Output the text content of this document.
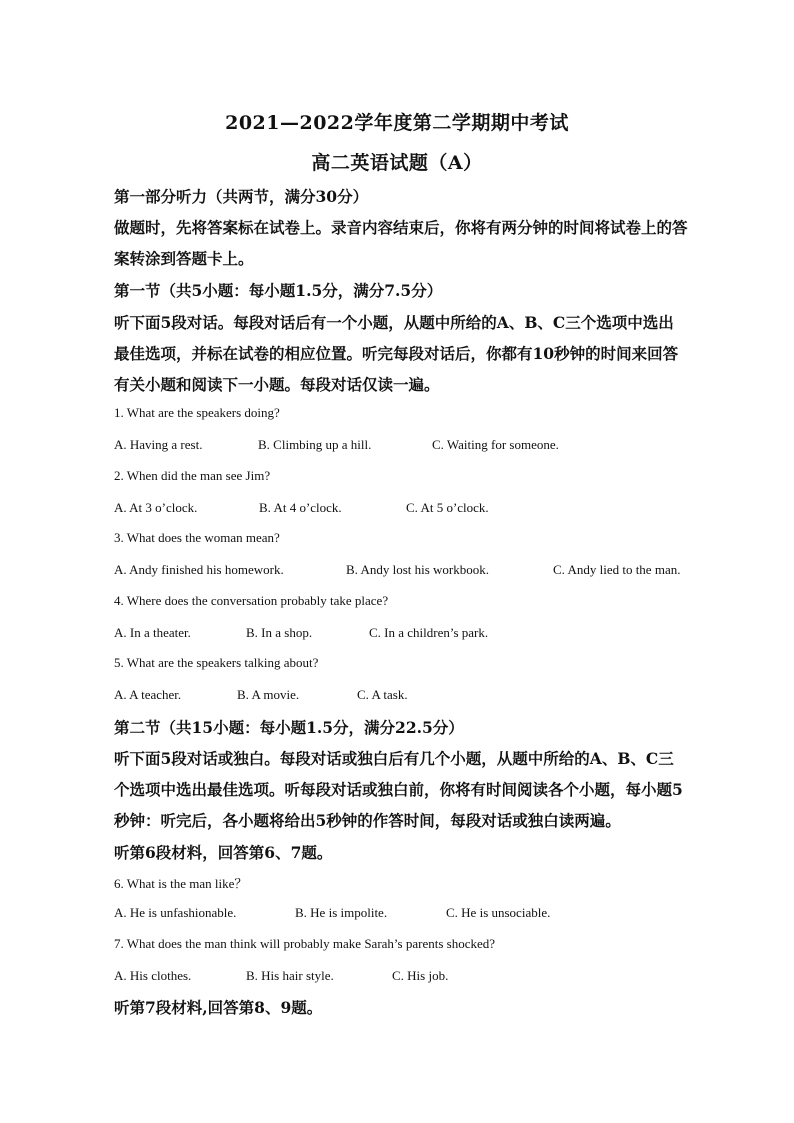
2021—2022学年度第二学期期中考试
高二英语试题（A）
第一部分听力（共两节，满分30分）
做题时，先将答案标在试卷上。录音内容结束后，你将有两分钟的时间将试卷上的答
案转涂到答题卡上。
第一节（共5小题：每小题1.5分，满分7.5分）
听下面5段对话。每段对话后有一个小题，从题中所给的A、B、C三个选项中选出
最佳选项，并标在试卷的相应位置。听完每段对话后，你都有10秒钟的时间来回答
有关小题和阅读下一小题。每段对话仅读一遍。
1. What are the speakers doing?
A. Having a rest.	B. Climbing up a hill.	C. Waiting for someone.
2. When did the man see Jim?
A. At 3 o’clock.	B. At 4 o’clock.	C. At 5 o’clock.
3. What does the woman mean?
A. Andy finished his homework.	B. Andy lost his workbook.	C. Andy lied to the man.
4. Where does the conversation probably take place?
A. In a theater.	B. In a shop.	C. In a children’s park.
5. What are the speakers talking about?
A. A teacher.	B. A movie.	C. A task.
第二节（共15小题：每小题1.5分，满分22.5分）
听下面5段对话或独白。每段对话或独白后有几个小题，从题中所给的A、B、C三
个选项中选出最佳选项。听每段对话或独白前，你将有时间阅读各个小题，每小题5
秒钟：听完后，各小题将给出5秒钟的作答时间，每段对话或独白读两遍。
听第6段材料，回答第6、7题。
6. What is the man like？
A. He is unfashionable.	B. He is impolite.	C. He is unsociable.
7. What does the man think will probably make Sarah’s parents shocked?
A. His clothes.	B. His hair style.	C. His job.
听第7段材料,回答第8、9题。
